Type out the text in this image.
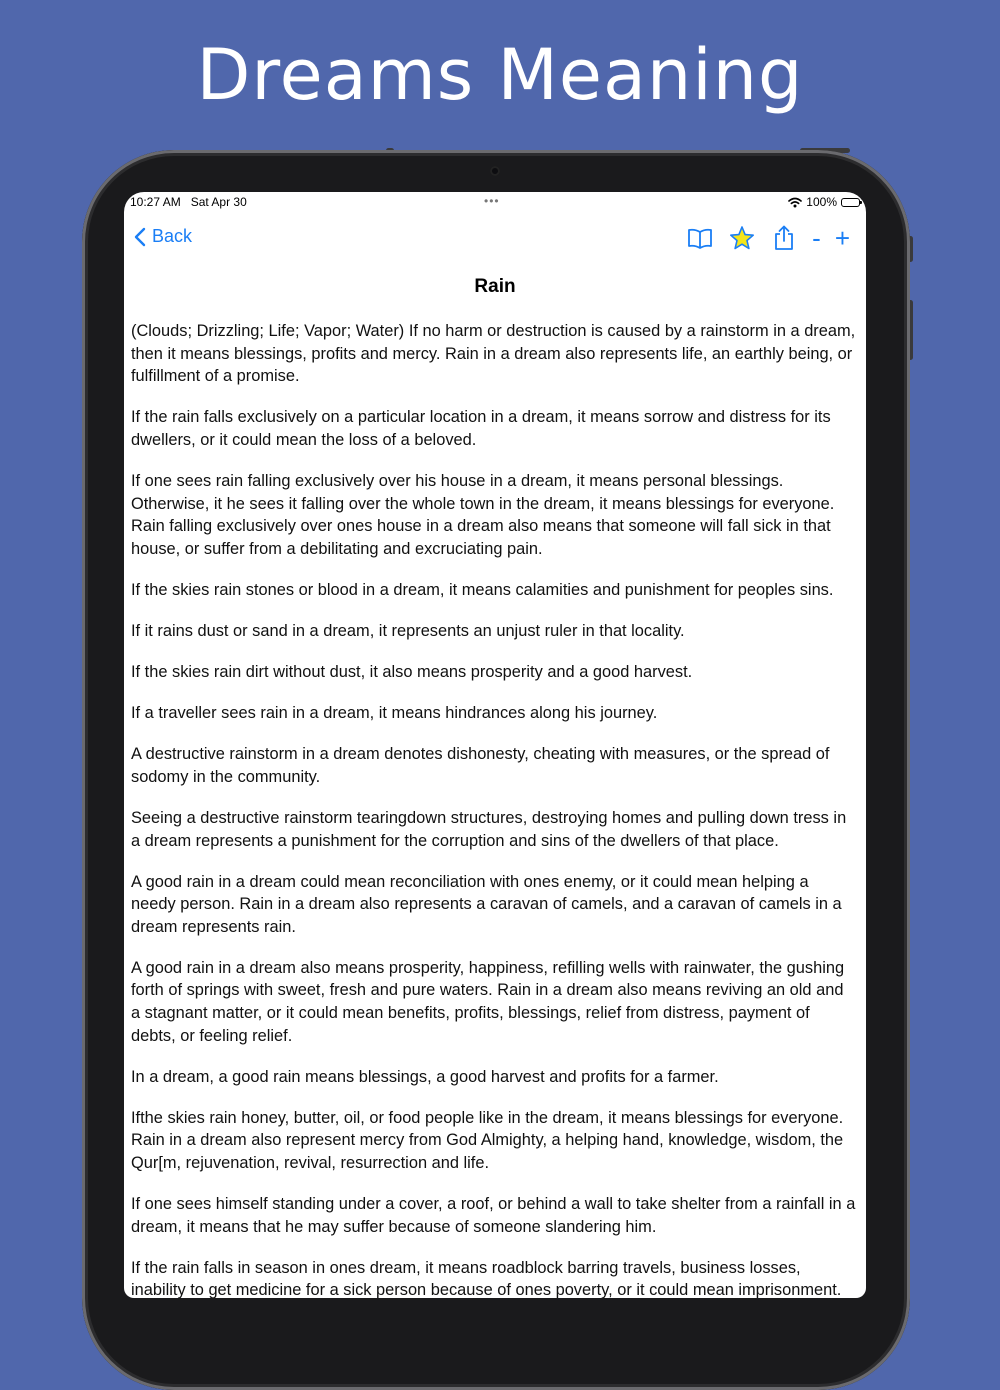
Dreams Meaning
10:27 AM Sat Apr 30	•••	100%
Back	- +
Rain

(Clouds; Drizzling; Life; Vapor; Water) If no harm or destruction is caused by a rainstorm in a dream, then it means blessings, profits and mercy. Rain in a dream also represents life, an earthly being, or fulfillment of a promise.

If the rain falls exclusively on a particular location in a dream, it means sorrow and distress for its dwellers, or it could mean the loss of a beloved.

If one sees rain falling exclusively over his house in a dream, it means personal blessings. Otherwise, it he sees it falling over the whole town in the dream, it means blessings for everyone. Rain falling exclusively over ones house in a dream also means that someone will fall sick in that house, or suffer from a debilitating and excruciating pain.

If the skies rain stones or blood in a dream, it means calamities and punishment for peoples sins.

If it rains dust or sand in a dream, it represents an unjust ruler in that locality.

If the skies rain dirt without dust, it also means prosperity and a good harvest.

If a traveller sees rain in a dream, it means hindrances along his journey.

A destructive rainstorm in a dream denotes dishonesty, cheating with measures, or the spread of sodomy in the community.

Seeing a destructive rainstorm tearingdown structures, destroying homes and pulling down tress in a dream represents a punishment for the corruption and sins of the dwellers of that place.

A good rain in a dream could mean reconciliation with ones enemy, or it could mean helping a needy person. Rain in a dream also represents a caravan of camels, and a caravan of camels in a dream represents rain.

A good rain in a dream also means prosperity, happiness, refilling wells with rainwater, the gushing forth of springs with sweet, fresh and pure waters. Rain in a dream also means reviving an old and a stagnant matter, or it could mean benefits, profits, blessings, relief from distress, payment of debts, or feeling relief.

In a dream, a good rain means blessings, a good harvest and profits for a farmer.

Ifthe skies rain honey, butter, oil, or food people like in the dream, it means blessings for everyone. Rain in a dream also represent mercy from God Almighty, a helping hand, knowledge, wisdom, the Qur[m, rejuvenation, revival, resurrection and life.

If one sees himself standing under a cover, a roof, or behind a wall to take shelter from a rainfall in a dream, it means that he may suffer because of someone slandering him.

If the rain falls in season in ones dream, it means roadblock barring travels, business losses, inability to get medicine for a sick person because of ones poverty, or it could mean imprisonment.
